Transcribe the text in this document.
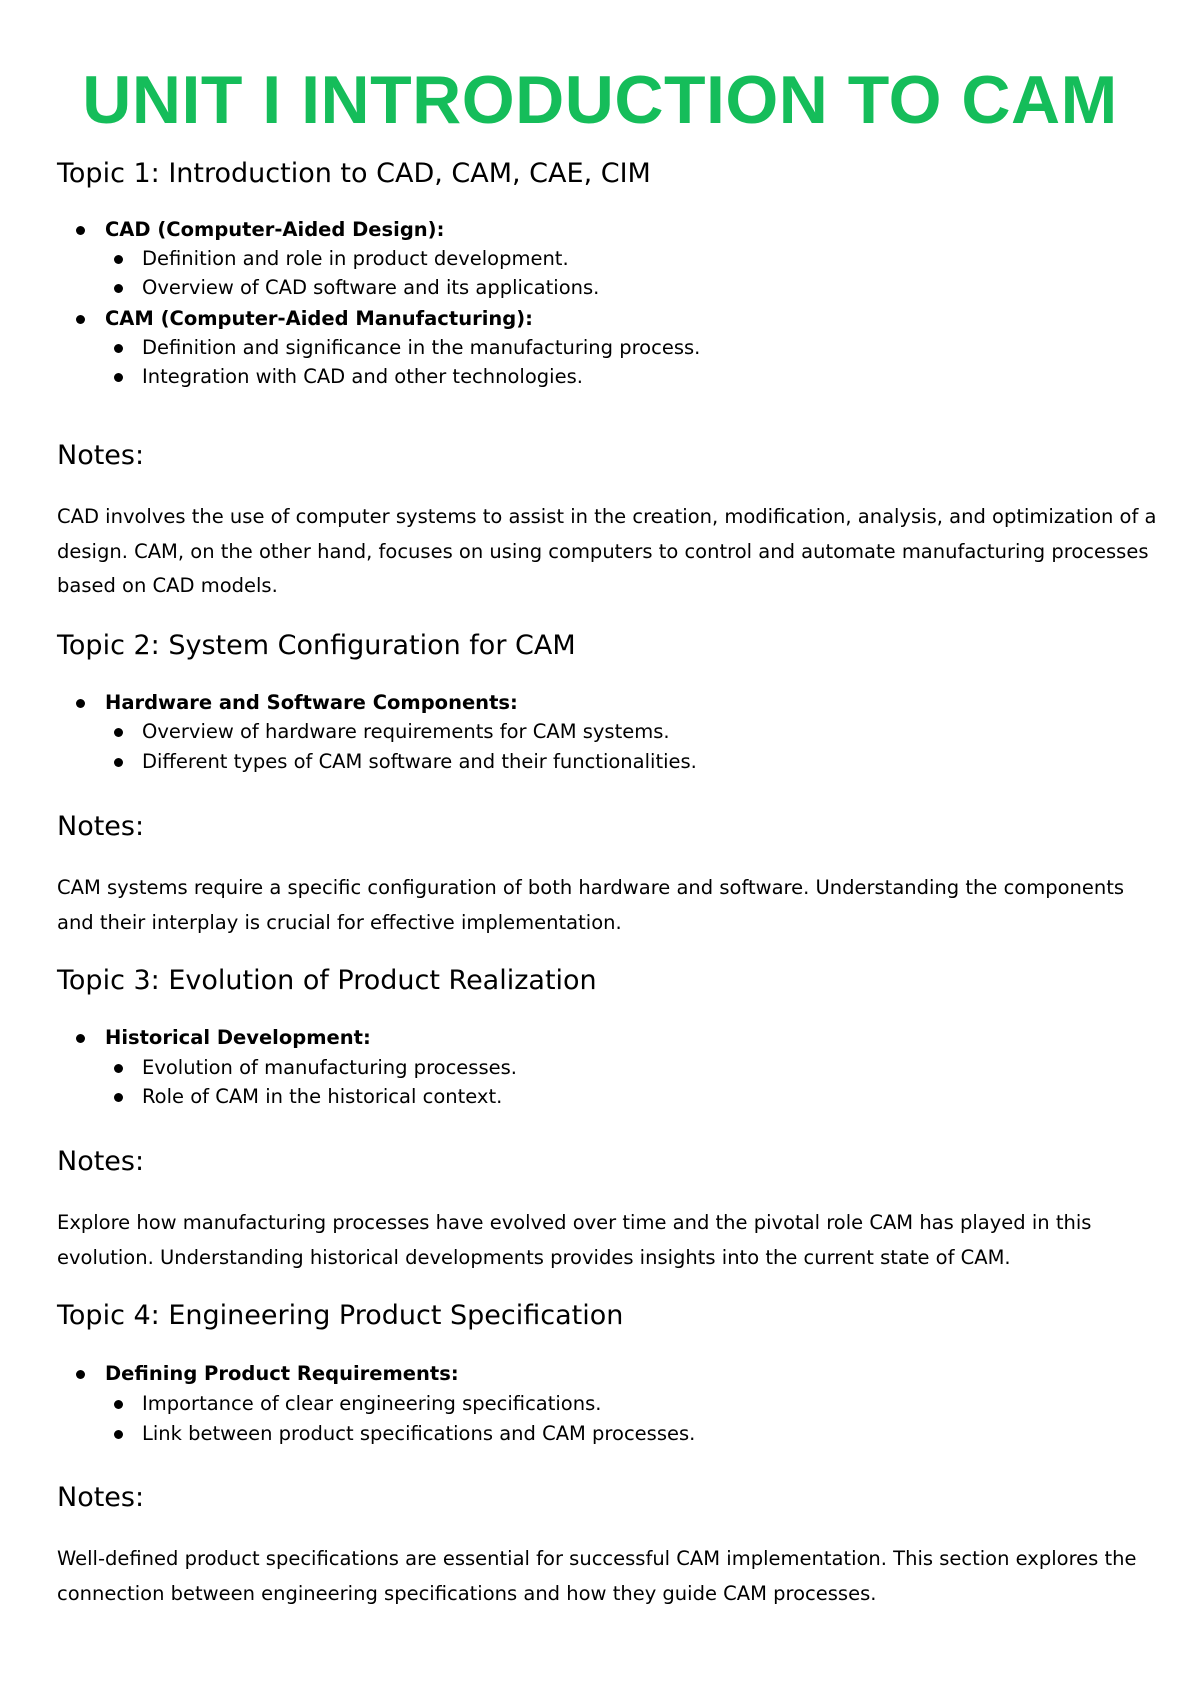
UNIT I INTRODUCTION TO CAM
Topic 1: Introduction to CAD, CAM, CAE, CIM
CAD (Computer-Aided Design):
Definition and role in product development.
Overview of CAD software and its applications.
CAM (Computer-Aided Manufacturing):
Definition and significance in the manufacturing process.
Integration with CAD and other technologies.
Notes:
CAD involves the use of computer systems to assist in the creation, modification, analysis, and optimization of a design. CAM, on the other hand, focuses on using computers to control and automate manufacturing processes based on CAD models.
Topic 2: System Configuration for CAM
Hardware and Software Components:
Overview of hardware requirements for CAM systems.
Different types of CAM software and their functionalities.
Notes:
CAM systems require a specific configuration of both hardware and software. Understanding the components and their interplay is crucial for effective implementation.
Topic 3: Evolution of Product Realization
Historical Development:
Evolution of manufacturing processes.
Role of CAM in the historical context.
Notes:
Explore how manufacturing processes have evolved over time and the pivotal role CAM has played in this evolution. Understanding historical developments provides insights into the current state of CAM.
Topic 4: Engineering Product Specification
Defining Product Requirements:
Importance of clear engineering specifications.
Link between product specifications and CAM processes.
Notes:
Well-defined product specifications are essential for successful CAM implementation. This section explores the connection between engineering specifications and how they guide CAM processes.
